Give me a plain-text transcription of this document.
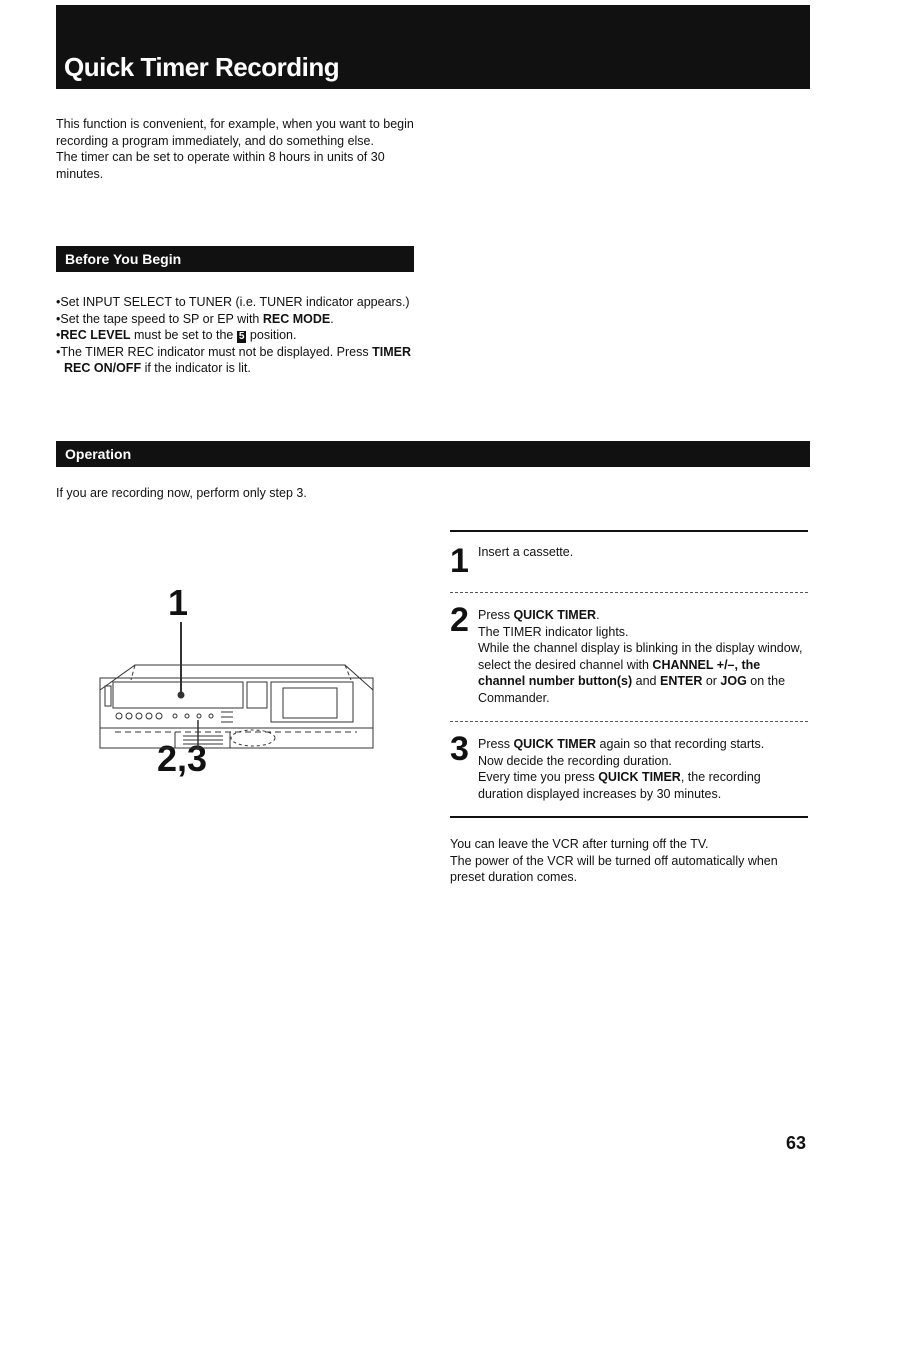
Quick Timer Recording

This function is convenient, for example, when you want to begin recording a program immediately, and do something else.

The timer can be set to operate within 8 hours in units of 30 minutes.

Before You Begin
• Set INPUT SELECT to TUNER (i.e. TUNER indicator appears.)
• Set the tape speed to SP or EP with REC MODE.
• REC LEVEL must be set to the 5 position.
• The TIMER REC indicator must not be displayed. Press TIMER REC ON/OFF if the indicator is lit.
Operation
If you are recording now, perform only step 3.
1
2,3
1 Insert a cassette.

2 Press QUICK TIMER.

The TIMER indicator lights.

While the channel display is blinking in the display window, select the desired channel with CHANNEL +/–, the channel number button(s) and ENTER or JOG on the Commander.

3 Press QUICK TIMER again so that recording starts.

Now decide the recording duration.

Every time you press QUICK TIMER, the recording duration displayed increases by 30 minutes.

You can leave the VCR after turning off the TV.

The power of the VCR will be turned off automatically when preset duration comes.

63
